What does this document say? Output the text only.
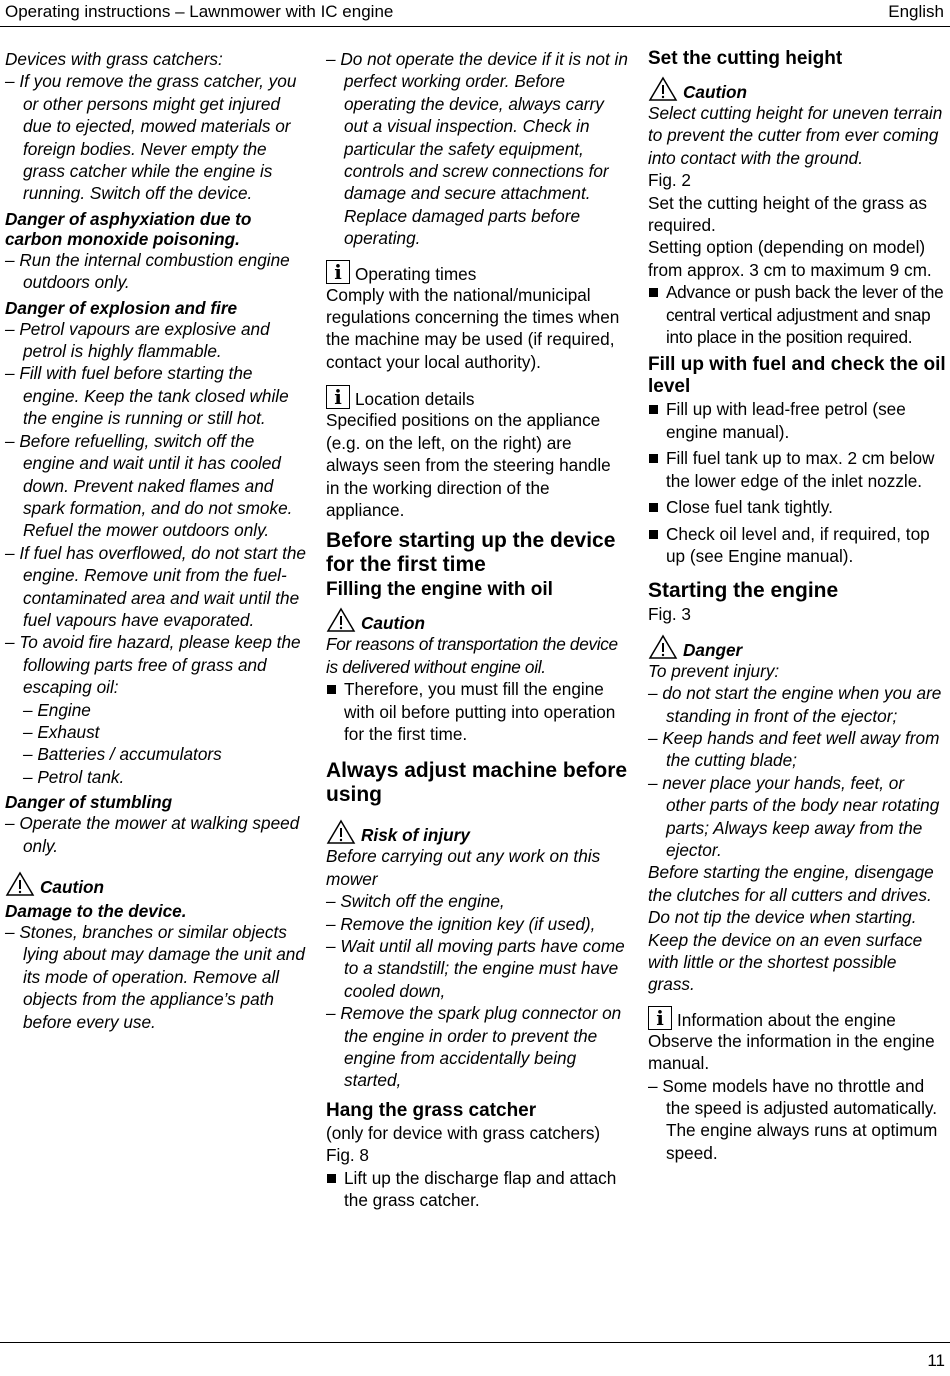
Operating instructions – Lawnmower with IC engine	English
Devices with grass catchers:
– If you remove the grass catcher, you or other persons might get injured due to ejected, mowed materials or foreign bodies. Never empty the grass catcher while the engine is running. Switch off the device.
Danger of asphyxiation due to carbon monoxide poisoning.
– Run the internal combustion engine outdoors only.
Danger of explosion and fire
– Petrol vapours are explosive and petrol is highly flammable.
– Fill with fuel before starting the engine. Keep the tank closed while the engine is running or still hot.
– Before refuelling, switch off the engine and wait until it has cooled down. Prevent naked flames and spark formation, and do not smoke. Refuel the mower outdoors only.
– If fuel has overflowed, do not start the engine. Remove unit from the fuel-contaminated area and wait until the fuel vapours have evaporated.
– To avoid fire hazard, please keep the following parts free of grass and escaping oil:
– Engine
– Exhaust
– Batteries / accumulators
– Petrol tank.
Danger of stumbling
– Operate the mower at walking speed only.
Caution
Damage to the device.
– Stones, branches or similar objects lying about may damage the unit and its mode of operation. Remove all objects from the appliance’s path before every use.
– Do not operate the device if it is not in perfect working order. Before operating the device, always carry out a visual inspection. Check in particular the safety equipment, controls and screw connections for damage and secure attachment. Replace damaged parts before operating.
i Operating times
Comply with the national/municipal regulations concerning the times when the machine may be used (if required, contact your local authority).
i Location details
Specified positions on the appliance (e.g. on the left, on the right) are always seen from the steering handle in the working direction of the appliance.
Before starting up the device for the first time
Filling the engine with oil
Caution
For reasons of transportation the device is delivered without engine oil.
Therefore, you must fill the engine with oil before putting into operation for the first time.
Always adjust machine before using
Risk of injury
Before carrying out any work on this mower
– Switch off the engine,
– Remove the ignition key (if used),
– Wait until all moving parts have come to a standstill; the engine must have cooled down,
– Remove the spark plug connector on the engine in order to prevent the engine from accidentally being started,
Hang the grass catcher
(only for device with grass catchers)
Fig. 8
Lift up the discharge flap and attach the grass catcher.
Set the cutting height
Caution
Select cutting height for uneven terrain to prevent the cutter from ever coming into contact with the ground.
Fig. 2
Set the cutting height of the grass as required.
Setting option (depending on model) from approx. 3 cm to maximum 9 cm.
Advance or push back the lever of the central vertical adjustment and snap into place in the position required.
Fill up with fuel and check the oil level
Fill up with lead-free petrol (see engine manual).
Fill fuel tank up to max. 2 cm below the lower edge of the inlet nozzle.
Close fuel tank tightly.
Check oil level and, if required, top up (see Engine manual).
Starting the engine
Fig. 3
Danger
To prevent injury:
– do not start the engine when you are standing in front of the ejector;
– Keep hands and feet well away from the cutting blade;
– never place your hands, feet, or other parts of the body near rotating parts; Always keep away from the ejector.
Before starting the engine, disengage the clutches for all cutters and drives.
Do not tip the device when starting. Keep the device on an even surface with little or the shortest possible grass.
i Information about the engine
Observe the information in the engine manual.
– Some models have no throttle and the speed is adjusted automatically. The engine always runs at optimum speed.
11
